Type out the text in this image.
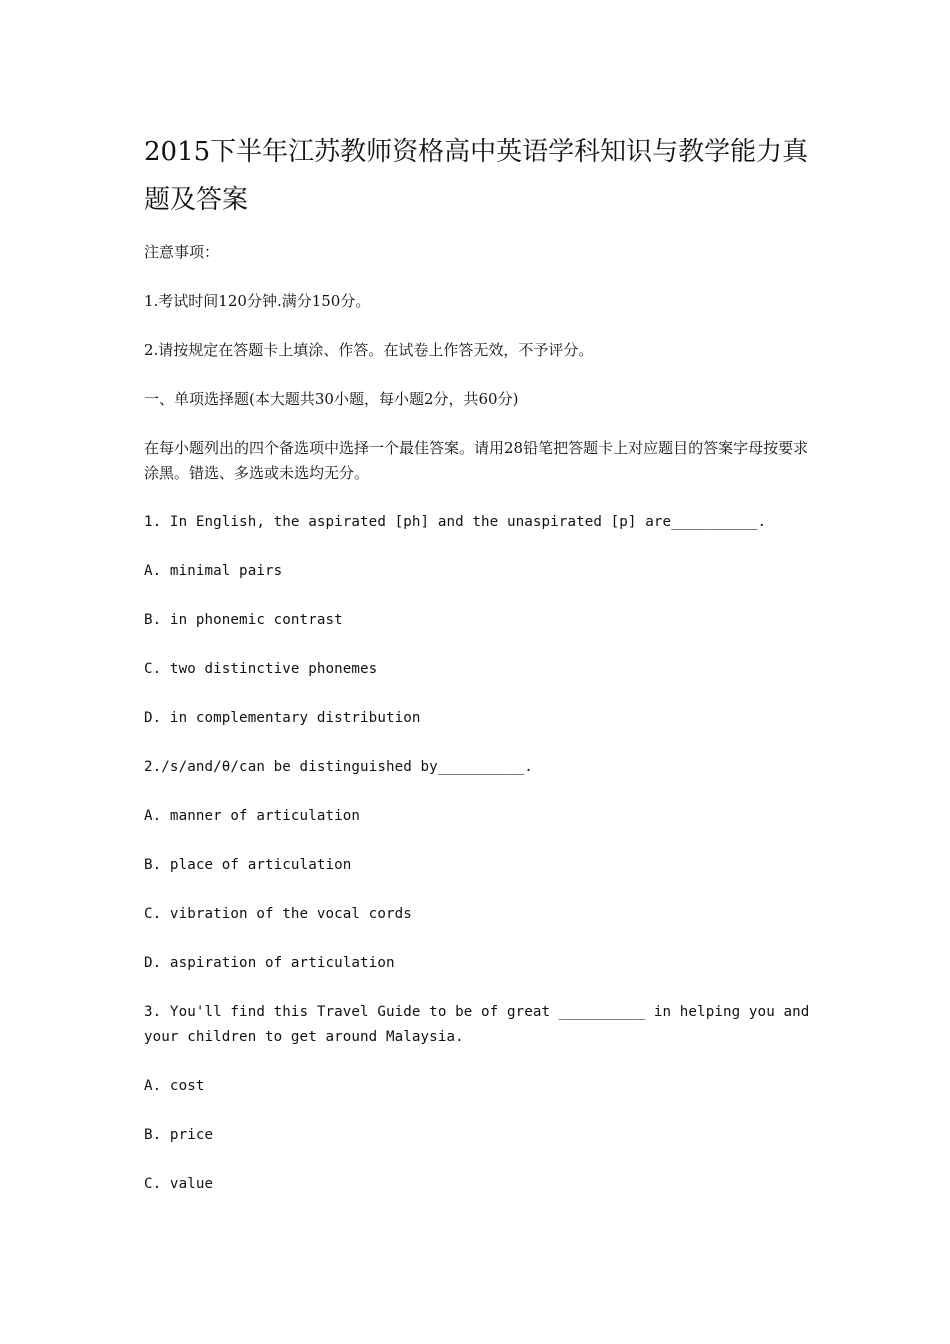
2015下半年江苏教师资格高中英语学科知识与教学能力真题及答案

注意事项：

1.考试时间120分钟.满分150分。

2.请按规定在答题卡上填涂、作答。在试卷上作答无效，不予评分。

一、单项选择题(本大题共30小题，每小题2分，共60分)

在每小题列出的四个备选项中选择一个最佳答案。请用28铅笔把答题卡上对应题目的答案字母按要求涂黑。错选、多选或未选均无分。

1. In English, the aspirated [ph] and the unaspirated [p] are__________.

A. minimal pairs

B. in phonemic contrast

C. two distinctive phonemes

D. in complementary distribution

2./s/and/θ/can be distinguished by__________.

A. manner of articulation

B. place of articulation

C. vibration of the vocal cords

D. aspiration of articulation

3. You'll find this Travel Guide to be of great __________ in helping you and your children to get around Malaysia.

A. cost

B. price

C. value
